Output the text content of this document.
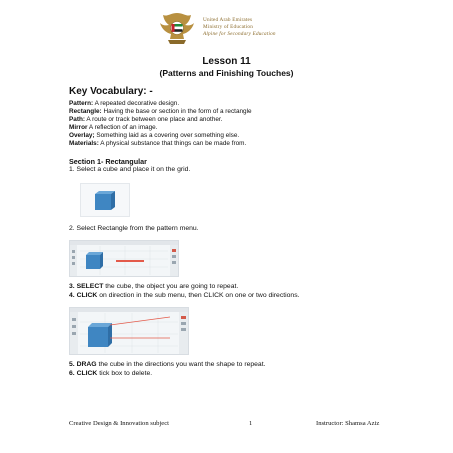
United Arab Emirates
Ministry of Education
Alpine for Secondary Education
Lesson 11
(Patterns and Finishing Touches)
Key Vocabulary: -
Pattern: A repeated decorative design.
Rectangle: Having the base or section in the form of a rectangle
Path: A route or track between one place and another.
Mirror A reflection of an image.
Overlay; Something laid as a covering over something else.
Materials: A physical substance that things can be made from.
Section 1- Rectangular
1. Select a cube and place it on the grid.
2. Select Rectangle from the pattern menu.
3. SELECT the cube, the object you are going to repeat.
4. CLICK on direction in the sub menu, then CLICK on one or two directions.
5. DRAG the cube in the directions you want the shape to repeat.
6. CLICK tick box to delete.
Creative Design & Innovation subject	1	Instructor: Shamsa Aziz
